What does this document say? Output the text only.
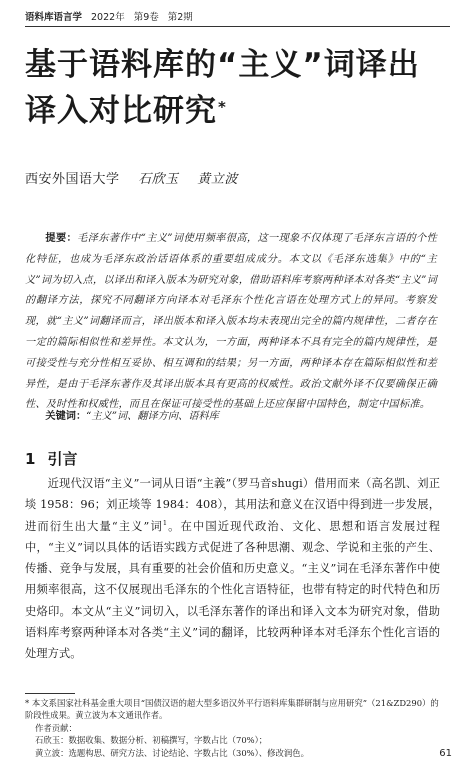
语料库语言学 2022年 第9卷 第2期
基于语料库的“主义”词译出
译入对比研究*
西安外国语大学 石欣玉 黄立波
提要：毛泽东著作中“主义”词使用频率很高，这一现象不仅体现了毛泽东言语的个性化特征，也成为毛泽东政治话语体系的重要组成成分。本文以《毛泽东选集》中的“主义”词为切入点，以译出和译入版本为研究对象，借助语料库考察两种译本对各类“主义”词的翻译方法，探究不同翻译方向译本对毛泽东个性化言语在处理方式上的异同。考察发现，就“主义”词翻译而言，译出版本和译入版本均未表现出完全的篇内规律性，二者存在一定的篇际相似性和差异性。本文认为，一方面，两种译本不具有完全的篇内规律性，是可接受性与充分性相互妥协、相互调和的结果；另一方面，两种译本存在篇际相似性和差异性，是由于毛泽东著作及其译出版本具有更高的权威性。政治文献外译不仅要确保正确性、及时性和权威性，而且在保证可接受性的基础上还应保留中国特色，制定中国标准。
关键词：“主义”词、翻译方向、语料库
1 引言
近现代汉语“主义”一词从日语“主義”（罗马音shugi）借用而来（高名凯、刘正埮 1958：96；刘正埮等 1984：408），其用法和意义在汉语中得到进一步发展，进而衍生出大量“主义”词$^1$。在中国近现代政治、文化、思想和语言发展过程中，“主义”词以具体的话语实践方式促进了各种思潮、观念、学说和主张的产生、传播、竞争与发展，具有重要的社会价值和历史意义。“主义”词在毛泽东著作中使用频率很高，这不仅展现出毛泽东的个性化言语特征，也带有特定的时代特色和历史烙印。本文从“主义”词切入，以毛泽东著作的译出和译入文本为研究对象，借助语料库考察两种译本对各类“主义”词的翻译，比较两种译本对毛泽东个性化言语的处理方式。
* 本文系国家社科基金重大项目“国债汉语的超大型多语汉外平行语料库集群研制与应用研究”（21&ZD290）的阶段性成果。黄立波为本文通讯作者。
作者贡献：
石欣玉：数据收集、数据分析、初稿撰写，字数占比（70%）；
黄立波：选题构思、研究方法、讨论结论、字数占比（30%）、修改润色。	61
